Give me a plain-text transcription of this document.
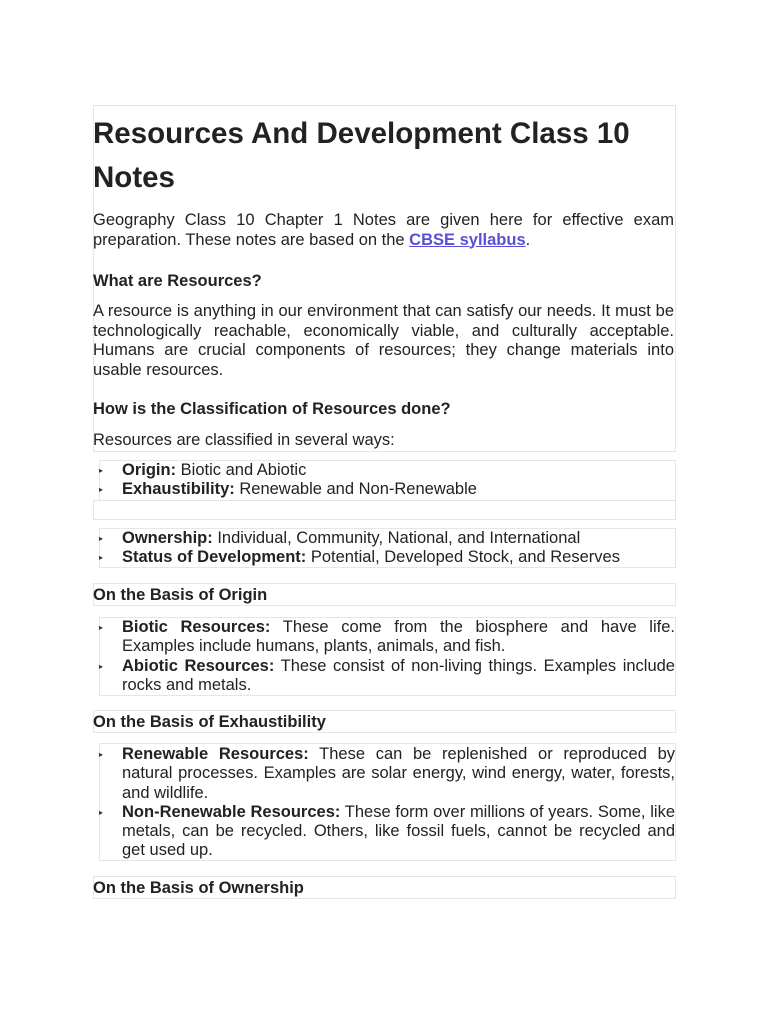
Resources And Development Class 10 Notes

Geography Class 10 Chapter 1 Notes are given here for effective exam preparation. These notes are based on the CBSE syllabus.

What are Resources?

A resource is anything in our environment that can satisfy our needs. It must be technologically reachable, economically viable, and culturally acceptable. Humans are crucial components of resources; they change materials into usable resources.

How is the Classification of Resources done?

Resources are classified in several ways:

▸ Origin: Biotic and Abiotic
▸ Exhaustibility: Renewable and Non-Renewable
▸ Ownership: Individual, Community, National, and International
▸ Status of Development: Potential, Developed Stock, and Reserves
On the Basis of Origin
▸ Biotic Resources: These come from the biosphere and have life. Examples include humans, plants, animals, and fish.
▸ Abiotic Resources: These consist of non-living things. Examples include rocks and metals.
On the Basis of Exhaustibility
▸ Renewable Resources: These can be replenished or reproduced by natural processes. Examples are solar energy, wind energy, water, forests, and wildlife.
▸ Non-Renewable Resources: These form over millions of years. Some, like metals, can be recycled. Others, like fossil fuels, cannot be recycled and get used up.
On the Basis of Ownership
